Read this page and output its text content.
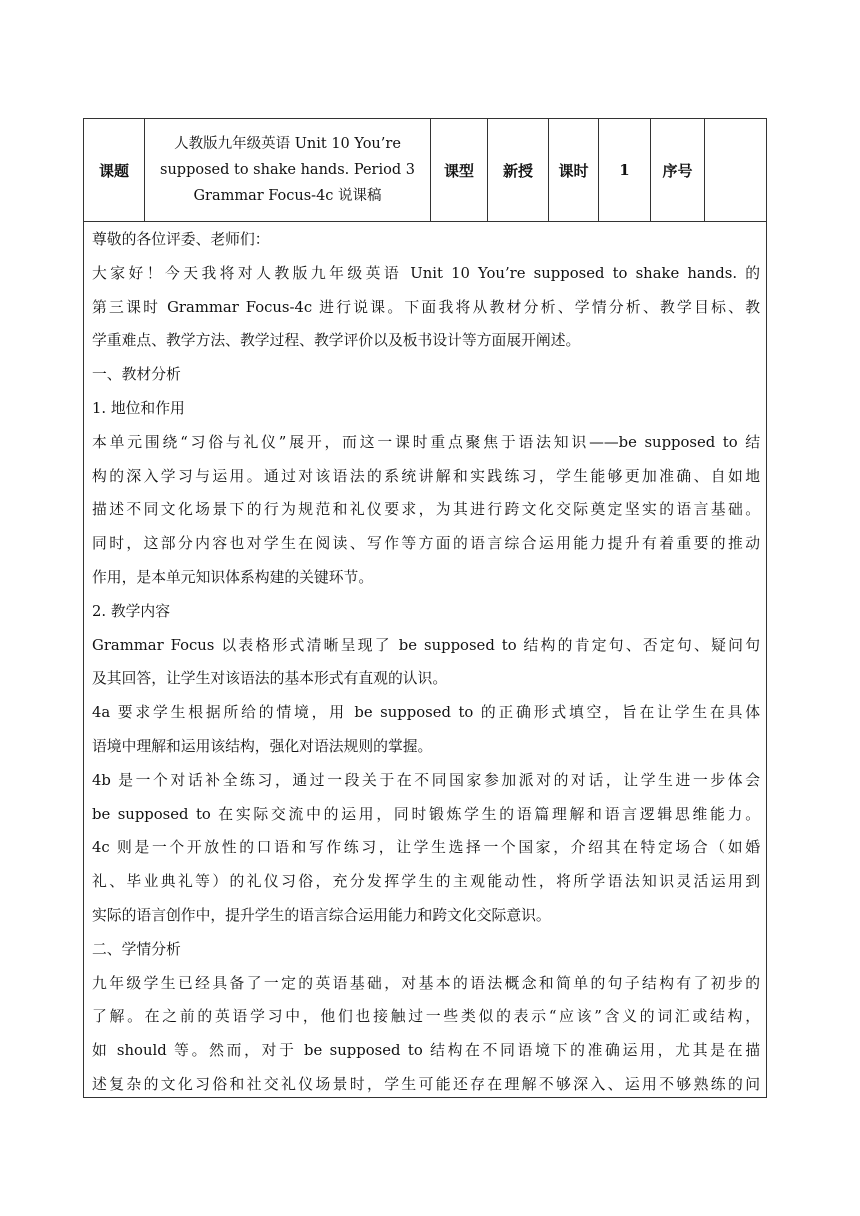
课题
人教版九年级英语 Unit 10 You’re
supposed to shake hands. Period 3
Grammar Focus-4c 说课稿
课型 新授 课时 1 序号
尊敬的各位评委、老师们：
大家好！今天我将对人教版九年级英语 Unit 10 You’re supposed to shake hands. 的
第三课时 Grammar Focus-4c 进行说课。下面我将从教材分析、学情分析、教学目标、教
学重难点、教学方法、教学过程、教学评价以及板书设计等方面展开阐述。
一、教材分析
1. 地位和作用
本单元围绕“习俗与礼仪”展开，而这一课时重点聚焦于语法知识——be supposed to 结
构的深入学习与运用。通过对该语法的系统讲解和实践练习，学生能够更加准确、自如地
描述不同文化场景下的行为规范和礼仪要求，为其进行跨文化交际奠定坚实的语言基础。
同时，这部分内容也对学生在阅读、写作等方面的语言综合运用能力提升有着重要的推动
作用，是本单元知识体系构建的关键环节。
2. 教学内容
Grammar Focus 以表格形式清晰呈现了 be supposed to 结构的肯定句、否定句、疑问句
及其回答，让学生对该语法的基本形式有直观的认识。
4a 要求学生根据所给的情境，用 be supposed to 的正确形式填空，旨在让学生在具体
语境中理解和运用该结构，强化对语法规则的掌握。
4b 是一个对话补全练习，通过一段关于在不同国家参加派对的对话，让学生进一步体会
be supposed to 在实际交流中的运用，同时锻炼学生的语篇理解和语言逻辑思维能力。
4c 则是一个开放性的口语和写作练习，让学生选择一个国家，介绍其在特定场合（如婚
礼、毕业典礼等）的礼仪习俗，充分发挥学生的主观能动性，将所学语法知识灵活运用到
实际的语言创作中，提升学生的语言综合运用能力和跨文化交际意识。
二、学情分析
九年级学生已经具备了一定的英语基础，对基本的语法概念和简单的句子结构有了初步的
了解。在之前的英语学习中，他们也接触过一些类似的表示“应该”含义的词汇或结构，
如 should 等。然而，对于 be supposed to 结构在不同语境下的准确运用，尤其是在描
述复杂的文化习俗和社交礼仪场景时，学生可能还存在理解不够深入、运用不够熟练的问
